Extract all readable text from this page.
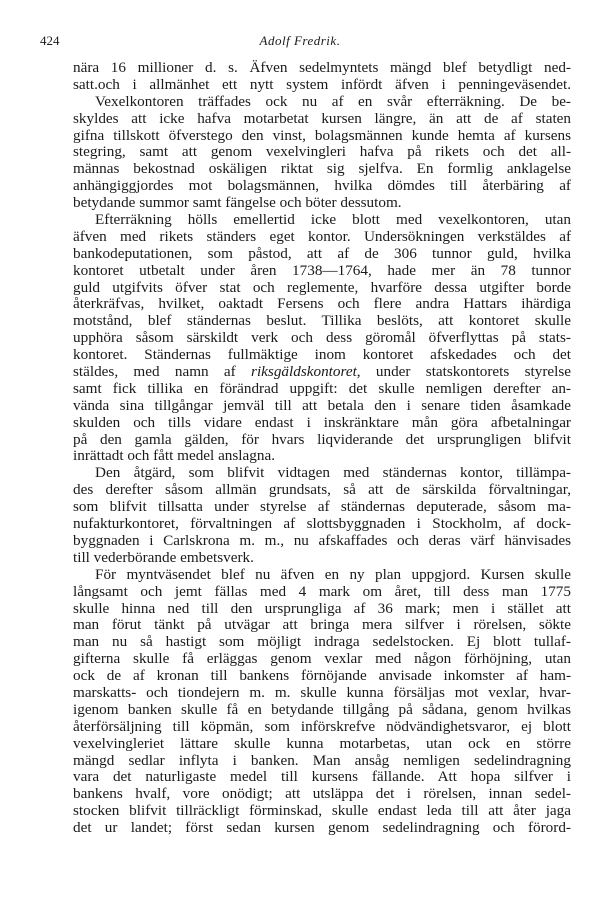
424	Adolf Fredrik.
nära 16 millioner d. s. Äfven sedelmyntets mängd blef betydligt ned-
satt.och i allmänhet ett nytt system infördt äfven i penningeväsendet.
Vexelkontoren träffades ock nu af en svår efterräkning. De be-
skyldes att icke hafva motarbetat kursen längre, än att de af staten
gifna tillskott öfverstego den vinst, bolagsmännen kunde hemta af kursens
stegring, samt att genom vexelvingleri hafva på rikets och det all-
männas bekostnad oskäligen riktat sig sjelfva. En formlig anklagelse
anhängiggjordes mot bolagsmännen, hvilka dömdes till återbäring af
betydande summor samt fängelse och böter dessutom.
Efterräkning hölls emellertid icke blott med vexelkontoren, utan
äfven med rikets ständers eget kontor. Undersökningen verkstäldes af
bankodeputationen, som påstod, att af de 306 tunnor guld, hvilka
kontoret utbetalt under åren 1738—1764, hade mer än 78 tunnor
guld utgifvits öfver stat och reglemente, hvarföre dessa utgifter borde
återkräfvas, hvilket, oaktadt Fersens och flere andra Hattars ihärdiga
motstånd, blef ständernas beslut. Tillika beslöts, att kontoret skulle
upphöra såsom särskildt verk och dess göromål öfverflyttas på stats-
kontoret. Ständernas fullmäktige inom kontoret afskedades och det
stäldes, med namn af riksgäldskontoret, under statskontorets styrelse
samt fick tillika en förändrad uppgift: det skulle nemligen derefter an-
vända sina tillgångar jemväl till att betala den i senare tiden åsamkade
skulden och tills vidare endast i inskränktare mån göra afbetalningar
på den gamla gälden, för hvars liqviderande det ursprungligen blifvit
inrättadt och fått medel anslagna.
Den åtgärd, som blifvit vidtagen med ständernas kontor, tillämpa-
des derefter såsom allmän grundsats, så att de särskilda förvaltningar,
som blifvit tillsatta under styrelse af ständernas deputerade, såsom ma-
nufakturkontoret, förvaltningen af slottsbyggnaden i Stockholm, af dock-
byggnaden i Carlskrona m. m., nu afskaffades och deras värf hänvisades
till vederbörande embetsverk.
För myntväsendet blef nu äfven en ny plan uppgjord. Kursen skulle
långsamt och jemt fällas med 4 mark om året, till dess man 1775
skulle hinna ned till den ursprungliga af 36 mark; men i stället att
man förut tänkt på utvägar att bringa mera silfver i rörelsen, sökte
man nu så hastigt som möjligt indraga sedelstocken. Ej blott tullaf-
gifterna skulle få erläggas genom vexlar med någon förhöjning, utan
ock de af kronan till bankens förnöjande anvisade inkomster af ham-
marskatts- och tiondejern m. m. skulle kunna försäljas mot vexlar, hvar-
igenom banken skulle få en betydande tillgång på sådana, genom hvilkas
återförsäljning till köpmän, som införskrefve nödvändighetsvaror, ej blott
vexelvingleriet lättare skulle kunna motarbetas, utan ock en större
mängd sedlar inflyta i banken. Man ansåg nemligen sedelindragning
vara det naturligaste medel till kursens fällande. Att hopa silfver i
bankens hvalf, vore onödigt; att utsläppa det i rörelsen, innan sedel-
stocken blifvit tillräckligt förminskad, skulle endast leda till att åter jaga
det ur landet; först sedan kursen genom sedelindragning och förord-
